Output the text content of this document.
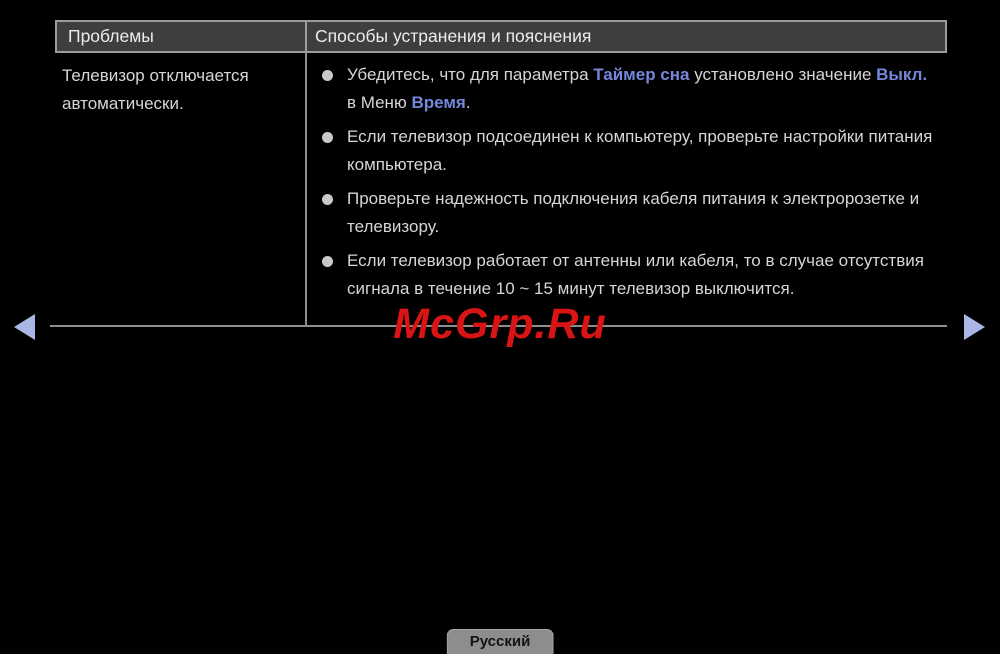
Проблемы	Способы устранения и пояснения
Телевизор отключается автоматически.

Убедитесь, что для параметра Таймер сна установлено значение Выкл. в Меню Время.

Если телевизор подсоединен к компьютеру, проверьте настройки питания компьютера.

Проверьте надежность подключения кабеля питания к электророзетке и телевизору.

Если телевизор работает от антенны или кабеля, то в случае отсутствия сигнала в течение 10 ~ 15 минут телевизор выключится.

McGrp.Ru
Русский
